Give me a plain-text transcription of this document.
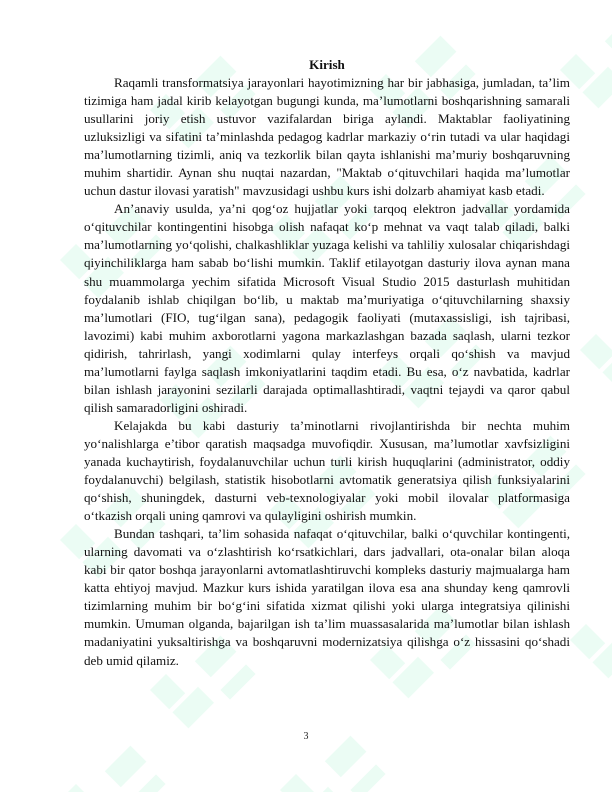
Kirish

Raqamli transformatsiya jarayonlari hayotimizning har bir jabhasiga, jumladan, ta’lim tizimiga ham jadal kirib kelayotgan bugungi kunda, ma’lumotlarni boshqarishning samarali usullarini joriy etish ustuvor vazifalardan biriga aylandi. Maktablar faoliyatining uzluksizligi va sifatini ta’minlashda pedagog kadrlar markaziy o‘rin tutadi va ular haqidagi ma’lumotlarning tizimli, aniq va tezkorlik bilan qayta ishlanishi ma’muriy boshqaruvning muhim shartidir. Aynan shu nuqtai nazardan, "Maktab o‘qituvchilari haqida ma’lumotlar uchun dastur ilovasi yaratish" mavzusidagi ushbu kurs ishi dolzarb ahamiyat kasb etadi.

An’anaviy usulda, ya’ni qog‘oz hujjatlar yoki tarqoq elektron jadvallar yordamida o‘qituvchilar kontingentini hisobga olish nafaqat ko‘p mehnat va vaqt talab qiladi, balki ma’lumotlarning yo‘qolishi, chalkashliklar yuzaga kelishi va tahliliy xulosalar chiqarishdagi qiyinchiliklarga ham sabab bo‘lishi mumkin. Taklif etilayotgan dasturiy ilova aynan mana shu muammolarga yechim sifatida Microsoft Visual Studio 2015 dasturlash muhitidan foydalanib ishlab chiqilgan bo‘lib, u maktab ma’muriyatiga o‘qituvchilarning shaxsiy ma’lumotlari (FIO, tug‘ilgan sana), pedagogik faoliyati (mutaxassisligi, ish tajribasi, lavozimi) kabi muhim axborotlarni yagona markazlashgan bazada saqlash, ularni tezkor qidirish, tahrirlash, yangi xodimlarni qulay interfeys orqali qo‘shish va mavjud ma’lumotlarni faylga saqlash imkoniyatlarini taqdim etadi. Bu esa, o‘z navbatida, kadrlar bilan ishlash jarayonini sezilarli darajada optimallashtiradi, vaqtni tejaydi va qaror qabul qilish samaradorligini oshiradi.

Kelajakda bu kabi dasturiy ta’minotlarni rivojlantirishda bir nechta muhim yo‘nalishlarga e’tibor qaratish maqsadga muvofiqdir. Xususan, ma’lumotlar xavfsizligini yanada kuchaytirish, foydalanuvchilar uchun turli kirish huquqlarini (administrator, oddiy foydalanuvchi) belgilash, statistik hisobotlarni avtomatik generatsiya qilish funksiyalarini qo‘shish, shuningdek, dasturni veb-texnologiyalar yoki mobil ilovalar platformasiga o‘tkazish orqali uning qamrovi va qulayligini oshirish mumkin.

Bundan tashqari, ta’lim sohasida nafaqat o‘qituvchilar, balki o‘quvchilar kontingenti, ularning davomati va o‘zlashtirish ko‘rsatkichlari, dars jadvallari, ota-onalar bilan aloqa kabi bir qator boshqa jarayonlarni avtomatlashtiruvchi kompleks dasturiy majmualarga ham katta ehtiyoj mavjud. Mazkur kurs ishida yaratilgan ilova esa ana shunday keng qamrovli tizimlarning muhim bir bo‘g‘ini sifatida xizmat qilishi yoki ularga integratsiya qilinishi mumkin. Umuman olganda, bajarilgan ish ta’lim muassasalarida ma’lumotlar bilan ishlash madaniyatini yuksaltirishga va boshqaruvni modernizatsiya qilishga o‘z hissasini qo‘shadi deb umid qilamiz.

3
